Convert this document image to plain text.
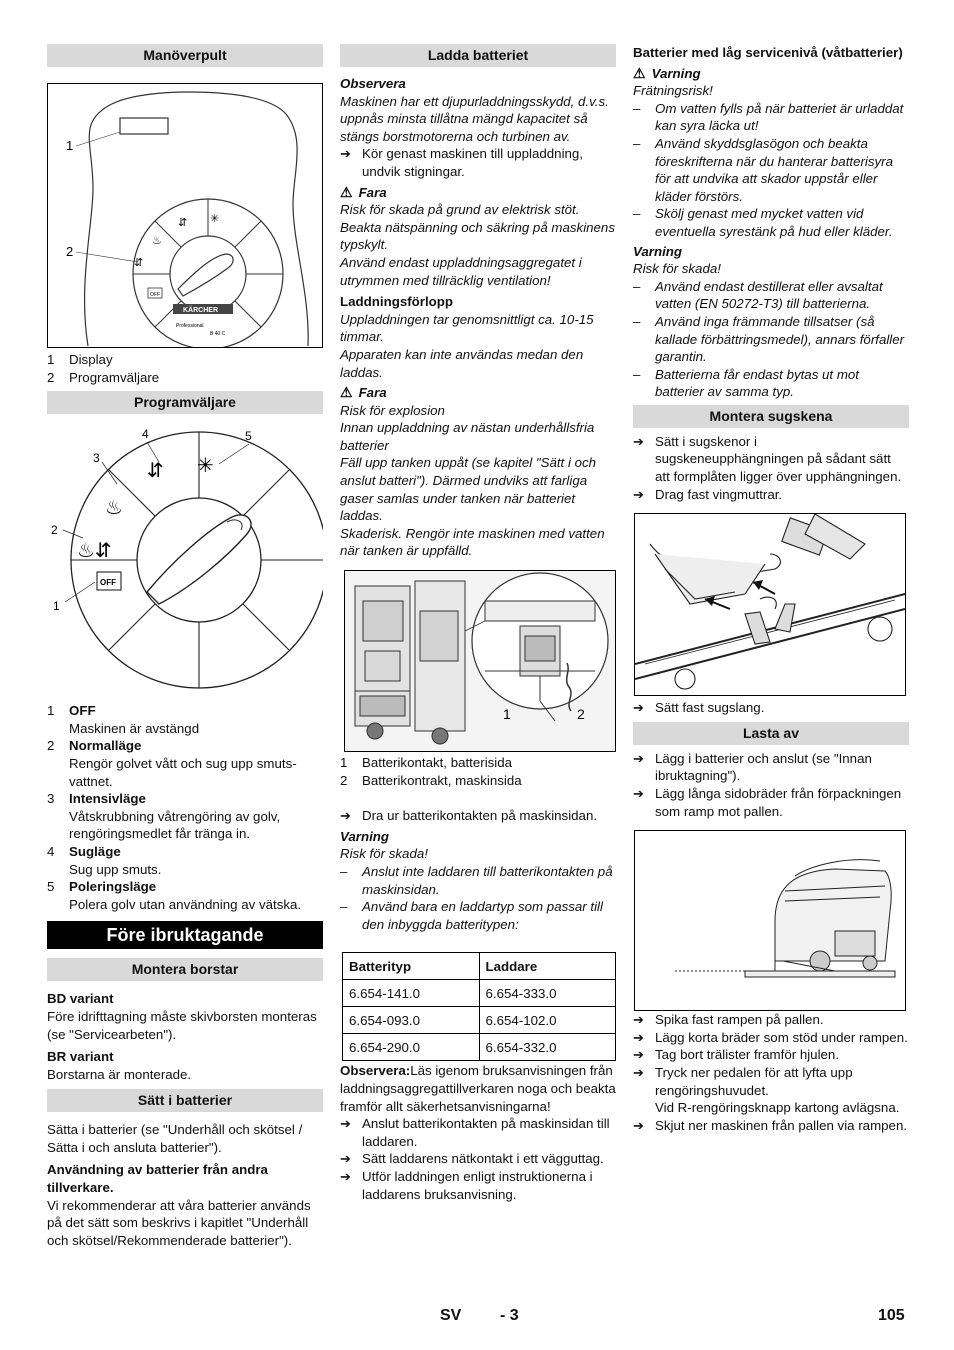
Manöverpult
OFF
KÄRCHER
Professional
B 40 C
⇵ ✳
♨
⇵
1
2
1	Display
2	Programväljare
Programväljare
OFF
⇵ ✳
♨
♨⇵
1
2
3
4	5
1	OFF
Maskinen är avstängd
2	Normalläge
Rengör golvet vått och sug upp smuts-vattnet.
3	Intensivläge
Våtskrubbning våtrengöring av golv, rengöringsmedlet får tränga in.
4	Sugläge
Sug upp smuts.
5	Poleringsläge
Polera golv utan användning av vätska.
Före ibruktagande
Montera borstar
BD variant
Före idrifttagning måste skivborsten monteras (se "Servicearbeten").
BR variant
Borstarna är monterade.
Sätt i batterier
Sätta i batterier (se "Underhåll och skötsel / Sätta i och ansluta batterier").
Användning av batterier från andra tillverkare.
Vi rekommenderar att våra batterier används på det sätt som beskrivs i kapitlet "Underhåll och skötsel/Rekommenderade batterier").
Ladda batteriet
Observera
Maskinen har ett djupurladdningsskydd, d.v.s. uppnås minsta tillåtna mängd kapacitet så stängs borstmotorerna och turbinen av.
➔ Kör genast maskinen till uppladdning, undvik stigningar.
⚠ Fara
Risk för skada på grund av elektrisk stöt. Beakta nätspänning och säkring på maskinens typskylt.
Använd endast uppladdningsaggregatet i utrymmen med tillräcklig ventilation!
Laddningsförlopp
Uppladdningen tar genomsnittligt ca. 10-15 timmar.
Apparaten kan inte användas medan den laddas.
⚠ Fara
Risk för explosion
Innan uppladdning av nästan underhållsfria batterier
Fäll upp tanken uppåt (se kapitel "Sätt i och anslut batteri"). Därmed undviks att farliga gaser samlas under tanken när batteriet laddas.
Skaderisk. Rengör inte maskinen med vatten när tanken är uppfälld.
1	2
1	Batterikontakt, batterisida
2	Batterikontrakt, maskinsida
➔ Dra ur batterikontakten på maskinsidan.
Varning
Risk för skada!
–	Anslut inte laddaren till batterikontakten på maskinsidan.
–	Använd bara en laddartyp som passar till den inbyggda batteritypen:
Batterityp	Laddare
6.654-141.0	6.654-333.0
6.654-093.0	6.654-102.0
6.654-290.0	6.654-332.0
Observera:Läs igenom bruksanvisningen från laddningsaggregattillverkaren noga och beakta framför allt säkerhetsanvisningarna!
➔ Anslut batterikontakten på maskinsidan till laddaren.
➔ Sätt laddarens nätkontakt i ett vägguttag.
➔ Utför laddningen enligt instruktionerna i laddarens bruksanvisning.
Batterier med låg servicenivå (våtbatterier)
⚠ Varning
Frätningsrisk!
–	Om vatten fylls på när batteriet är urladdat kan syra läcka ut!
–	Använd skyddsglasögon och beakta föreskrifterna när du hanterar batterisyra för att undvika att skador uppstår eller kläder förstörs.
–	Skölj genast med mycket vatten vid eventuella syrestänk på hud eller kläder.
Varning
Risk för skada!
–	Använd endast destillerat eller avsaltat vatten (EN 50272-T3) till batterierna.
–	Använd inga främmande tillsatser (så kallade förbättringsmedel), annars förfaller garantin.
–	Batterierna får endast bytas ut mot batterier av samma typ.
Montera sugskena
➔ Sätt i sugskenor i sugskeneupphängningen på sådant sätt att formplåten ligger över upphängningen.
➔ Drag fast vingmuttrar.
➔ Sätt fast sugslang.
Lasta av
➔ Lägg i batterier och anslut (se "Innan ibruktagning").
➔ Lägg långa sidobräder från förpackningen som ramp mot pallen.
➔ Spika fast rampen på pallen.
➔ Lägg korta bräder som stöd under rampen.
➔ Tag bort trälister framför hjulen.
➔ Tryck ner pedalen för att lyfta upp rengöringshuvudet.
Vid R-rengöringsknapp kartong avlägsna.
➔ Skjut ner maskinen från pallen via rampen.
SV - 3	105
